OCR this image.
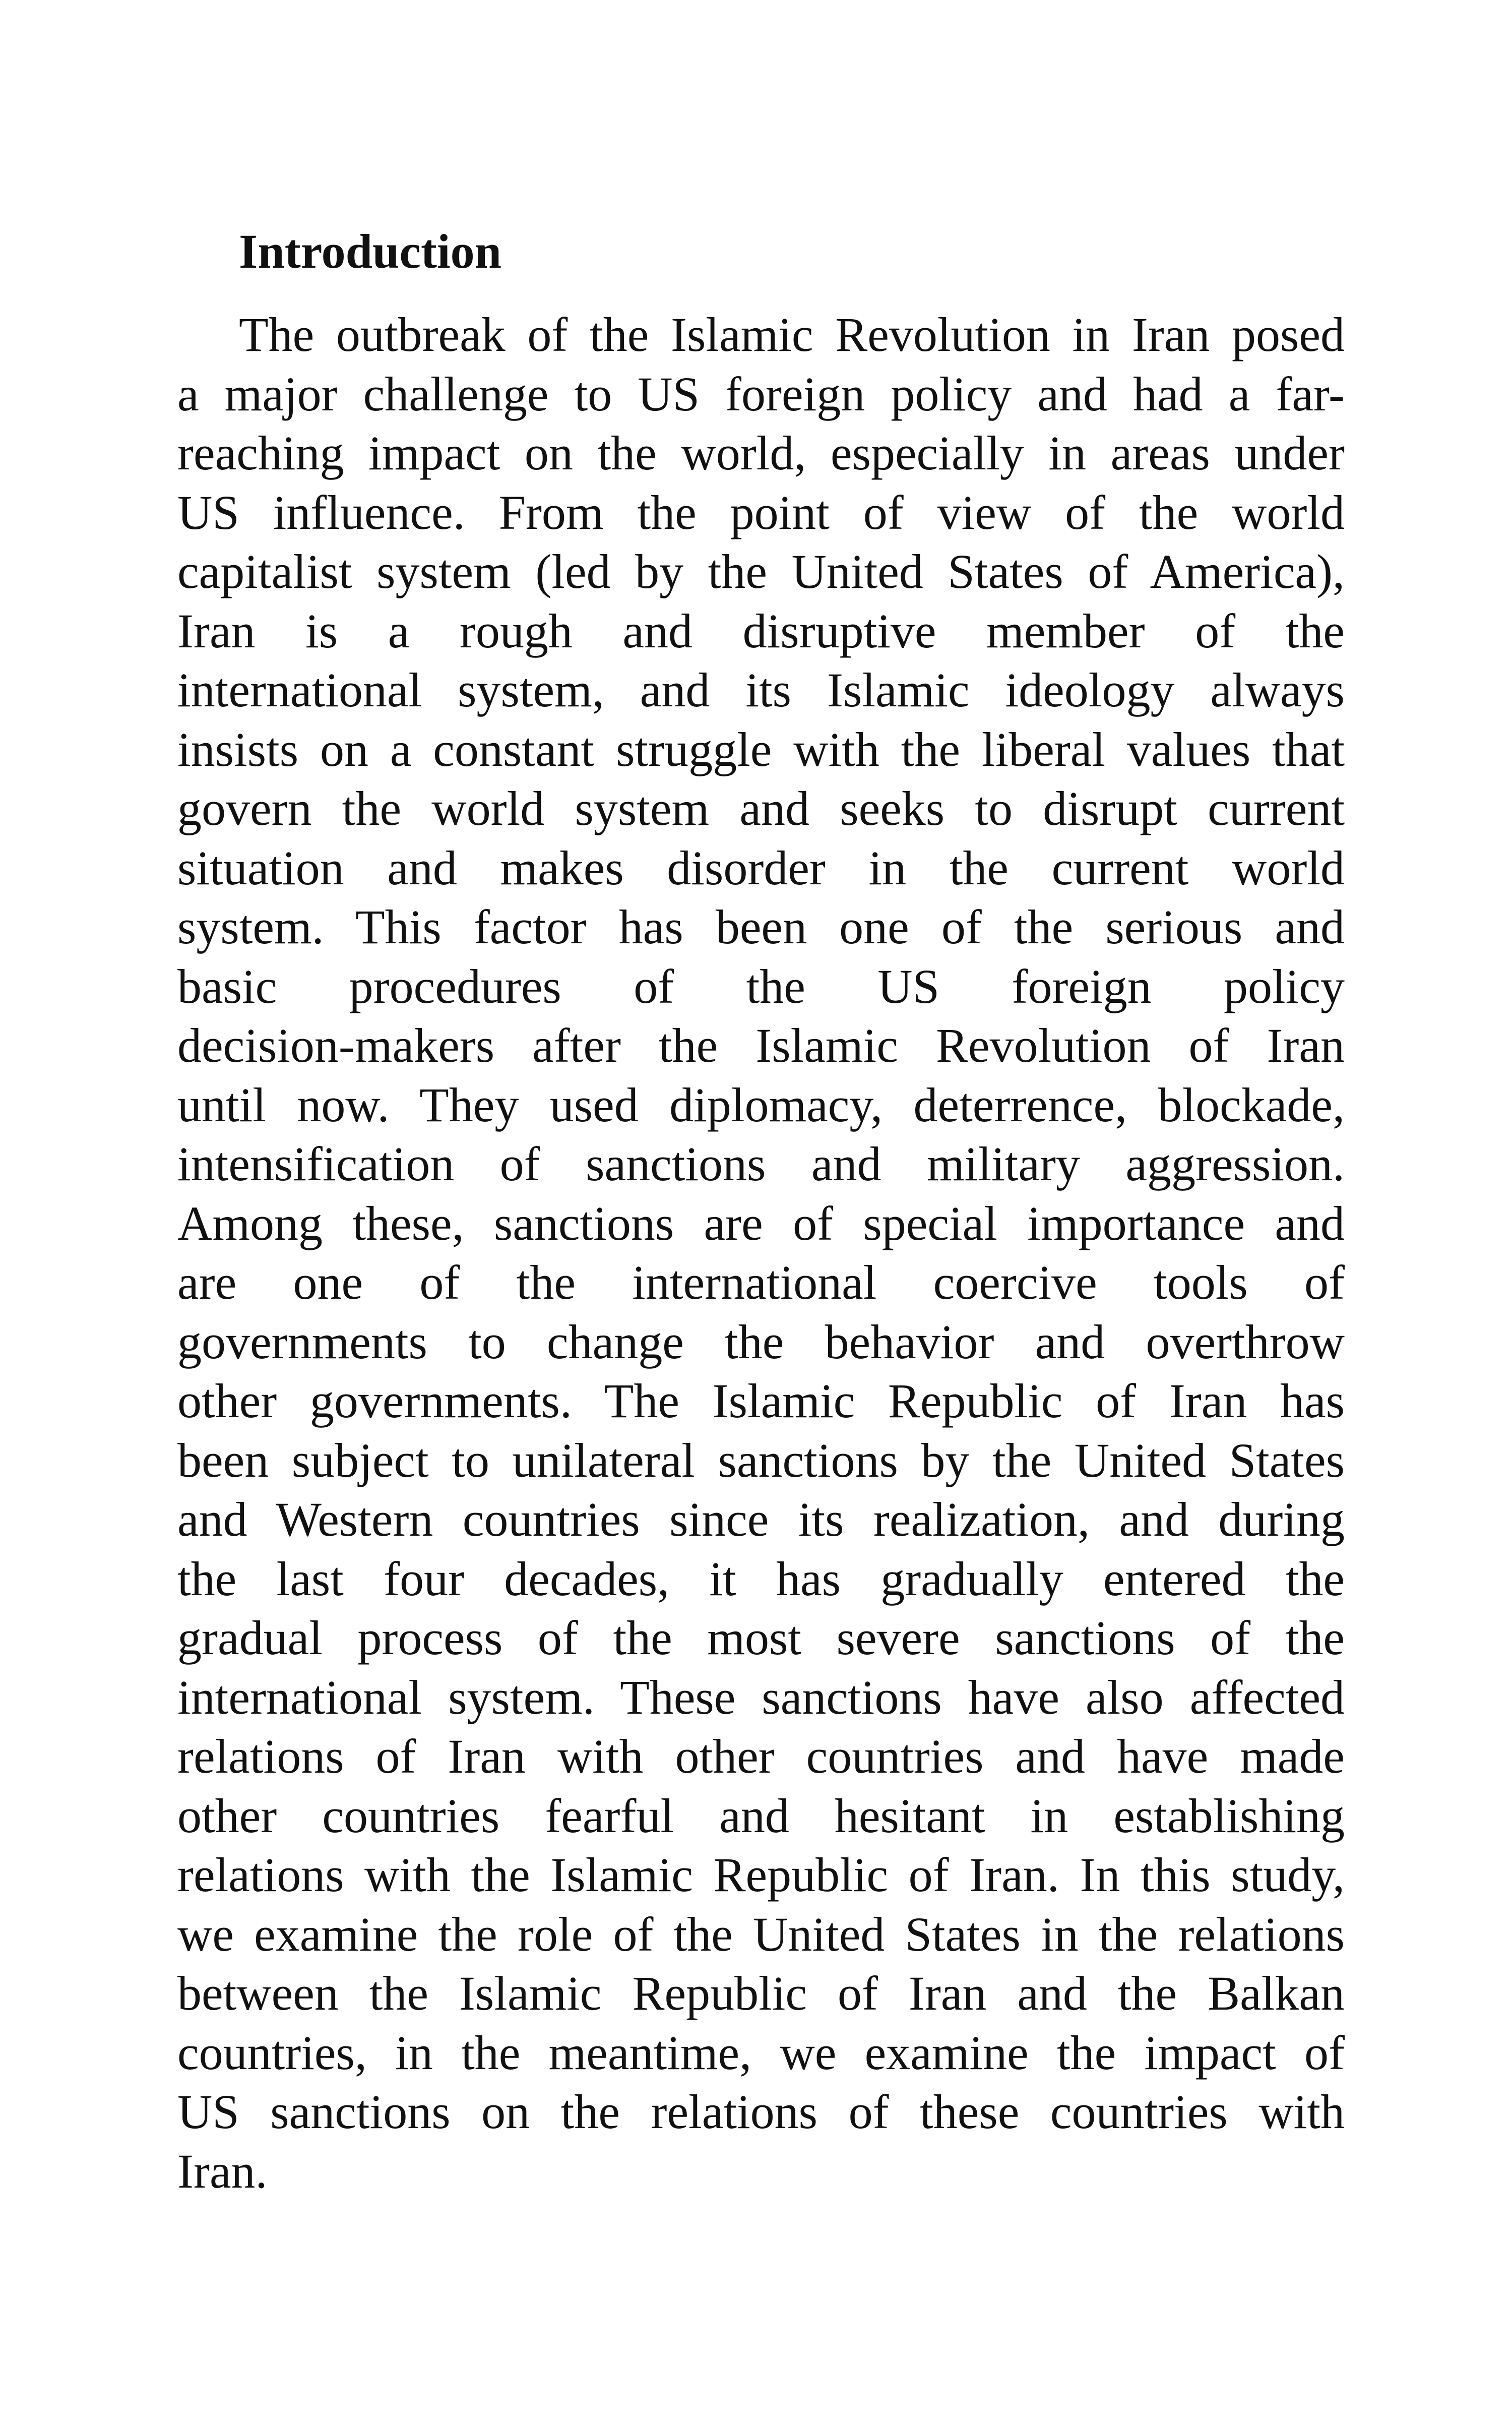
Introduction
The outbreak of the Islamic Revolution in Iran posed
a major challenge to US foreign policy and had a far-
reaching impact on the world, especially in areas under
US influence. From the point of view of the world
capitalist system (led by the United States of America),
Iran is a rough and disruptive member of the
international system, and its Islamic ideology always
insists on a constant struggle with the liberal values that
govern the world system and seeks to disrupt current
situation and makes disorder in the current world
system. This factor has been one of the serious and
basic procedures of the US foreign policy
decision-makers after the Islamic Revolution of Iran
until now. They used diplomacy, deterrence, blockade,
intensification of sanctions and military aggression.
Among these, sanctions are of special importance and
are one of the international coercive tools of
governments to change the behavior and overthrow
other governments. The Islamic Republic of Iran has
been subject to unilateral sanctions by the United States
and Western countries since its realization, and during
the last four decades, it has gradually entered the
gradual process of the most severe sanctions of the
international system. These sanctions have also affected
relations of Iran with other countries and have made
other countries fearful and hesitant in establishing
relations with the Islamic Republic of Iran. In this study,
we examine the role of the United States in the relations
between the Islamic Republic of Iran and the Balkan
countries, in the meantime, we examine the impact of
US sanctions on the relations of these countries with
Iran.
